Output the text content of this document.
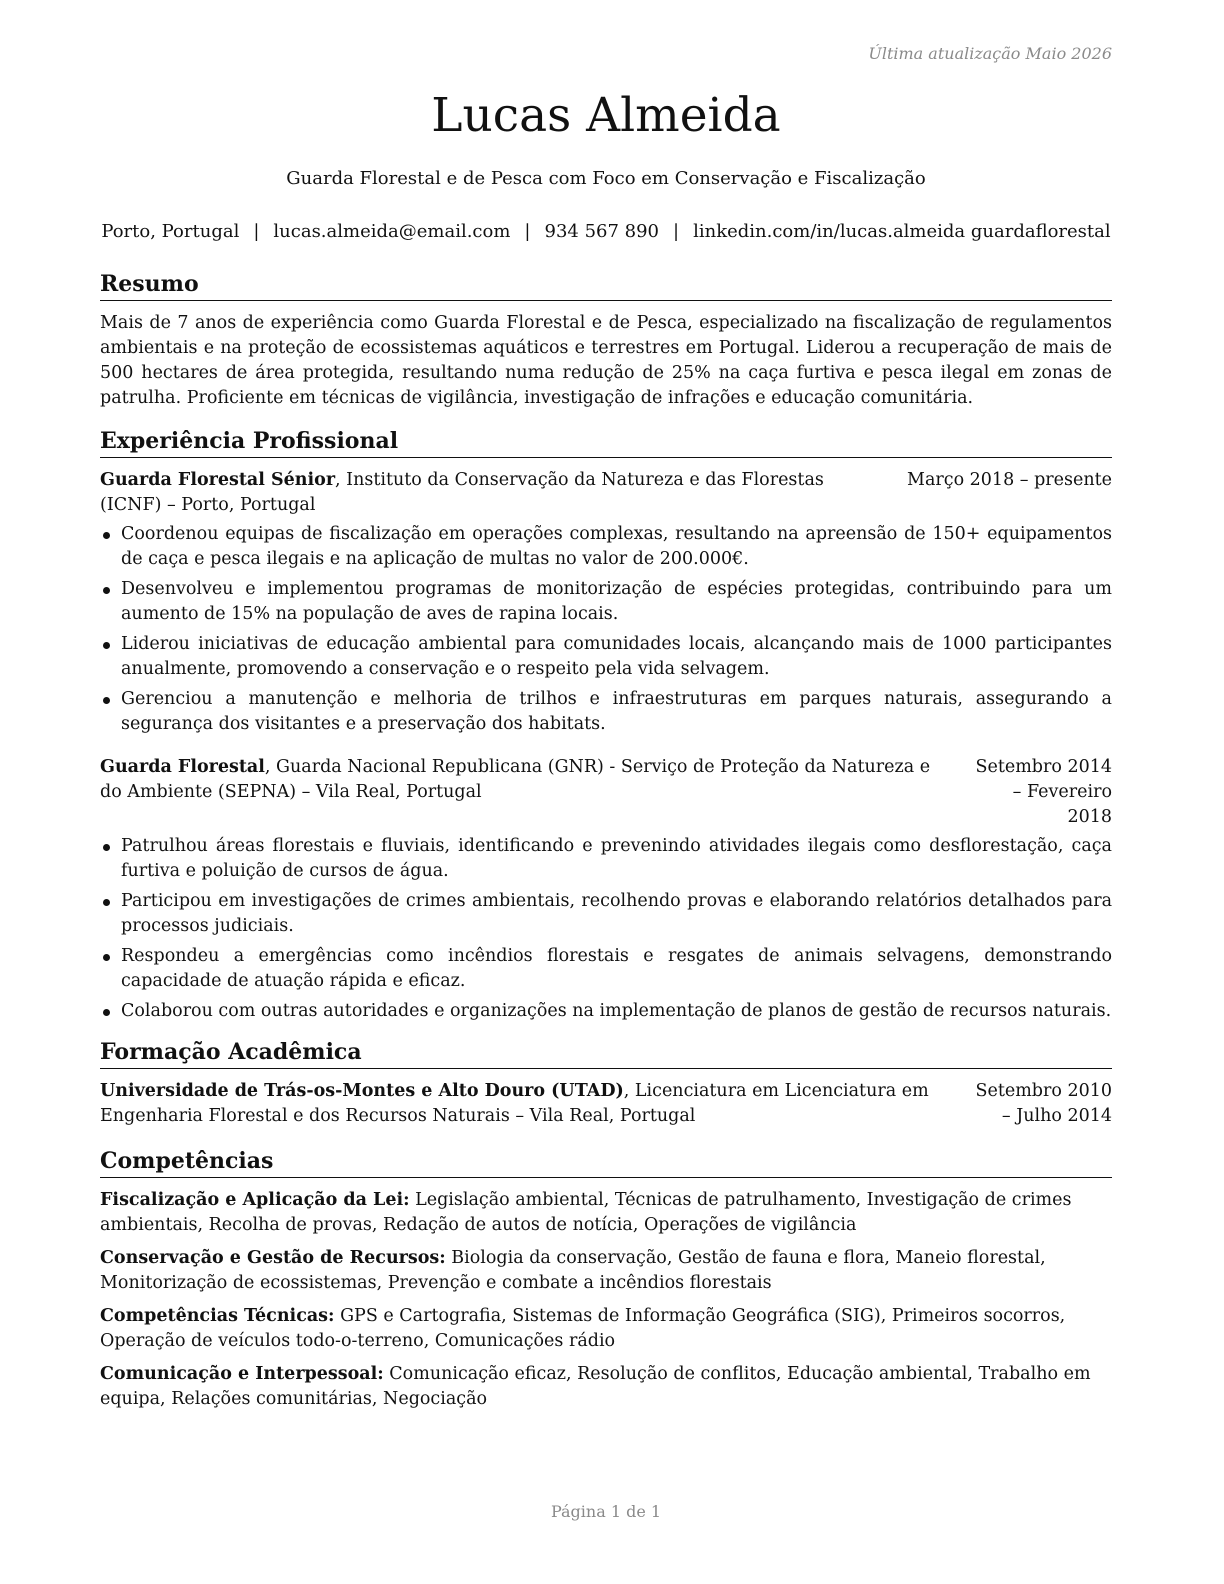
Última atualização Maio 2026
Lucas Almeida
Guarda Florestal e de Pesca com Foco em Conservação e Fiscalização
Porto, Portugal | lucas.almeida@email.com | 934 567 890 | linkedin.com/in/lucas.almeida guardaflorestal
Resumo

Mais de 7 anos de experiência como Guarda Florestal e de Pesca, especializado na fiscalização de regulamentos ambientais e na proteção de ecossistemas aquáticos e terrestres em Portugal. Liderou a recuperação de mais de 500 hectares de área protegida, resultando numa redução de 25% na caça furtiva e pesca ilegal em zonas de patrulha. Proficiente em técnicas de vigilância, investigação de infrações e educação comunitária.

Experiência Profissional
Guarda Florestal Sénior, Instituto da Conservação da Natureza e das Florestas (ICNF) – Porto, Portugal
Março 2018 – presente
Coordenou equipas de fiscalização em operações complexas, resultando na apreensão de 150+ equipamentos de caça e pesca ilegais e na aplicação de multas no valor de 200.000€.
Desenvolveu e implementou programas de monitorização de espécies protegidas, contribuindo para um aumento de 15% na população de aves de rapina locais.
Liderou iniciativas de educação ambiental para comunidades locais, alcançando mais de 1000 participantes anualmente, promovendo a conservação e o respeito pela vida selvagem.
Gerenciou a manutenção e melhoria de trilhos e infraestruturas em parques naturais, assegurando a segurança dos visitantes e a preservação dos habitats.
Guarda Florestal, Guarda Nacional Republicana (GNR) - Serviço de Proteção da Natureza e do Ambiente (SEPNA) – Vila Real, Portugal
Setembro 2014 – Fevereiro 2018
Patrulhou áreas florestais e fluviais, identificando e prevenindo atividades ilegais como desflorestação, caça furtiva e poluição de cursos de água.
Participou em investigações de crimes ambientais, recolhendo provas e elaborando relatórios detalhados para processos judiciais.
Respondeu a emergências como incêndios florestais e resgates de animais selvagens, demonstrando capacidade de atuação rápida e eficaz.
Colaborou com outras autoridades e organizações na implementação de planos de gestão de recursos naturais.
Formação Acadêmica
Universidade de Trás-os-Montes e Alto Douro (UTAD), Licenciatura em Licenciatura em Engenharia Florestal e dos Recursos Naturais – Vila Real, Portugal
Setembro 2010 – Julho 2014
Competências

Fiscalização e Aplicação da Lei: Legislação ambiental, Técnicas de patrulhamento, Investigação de crimes ambientais, Recolha de provas, Redação de autos de notícia, Operações de vigilância

Conservação e Gestão de Recursos: Biologia da conservação, Gestão de fauna e flora, Maneio florestal, Monitorização de ecossistemas, Prevenção e combate a incêndios florestais

Competências Técnicas: GPS e Cartografia, Sistemas de Informação Geográfica (SIG), Primeiros socorros, Operação de veículos todo-o-terreno, Comunicações rádio

Comunicação e Interpessoal: Comunicação eficaz, Resolução de conflitos, Educação ambiental, Trabalho em equipa, Relações comunitárias, Negociação

Página 1 de 1
